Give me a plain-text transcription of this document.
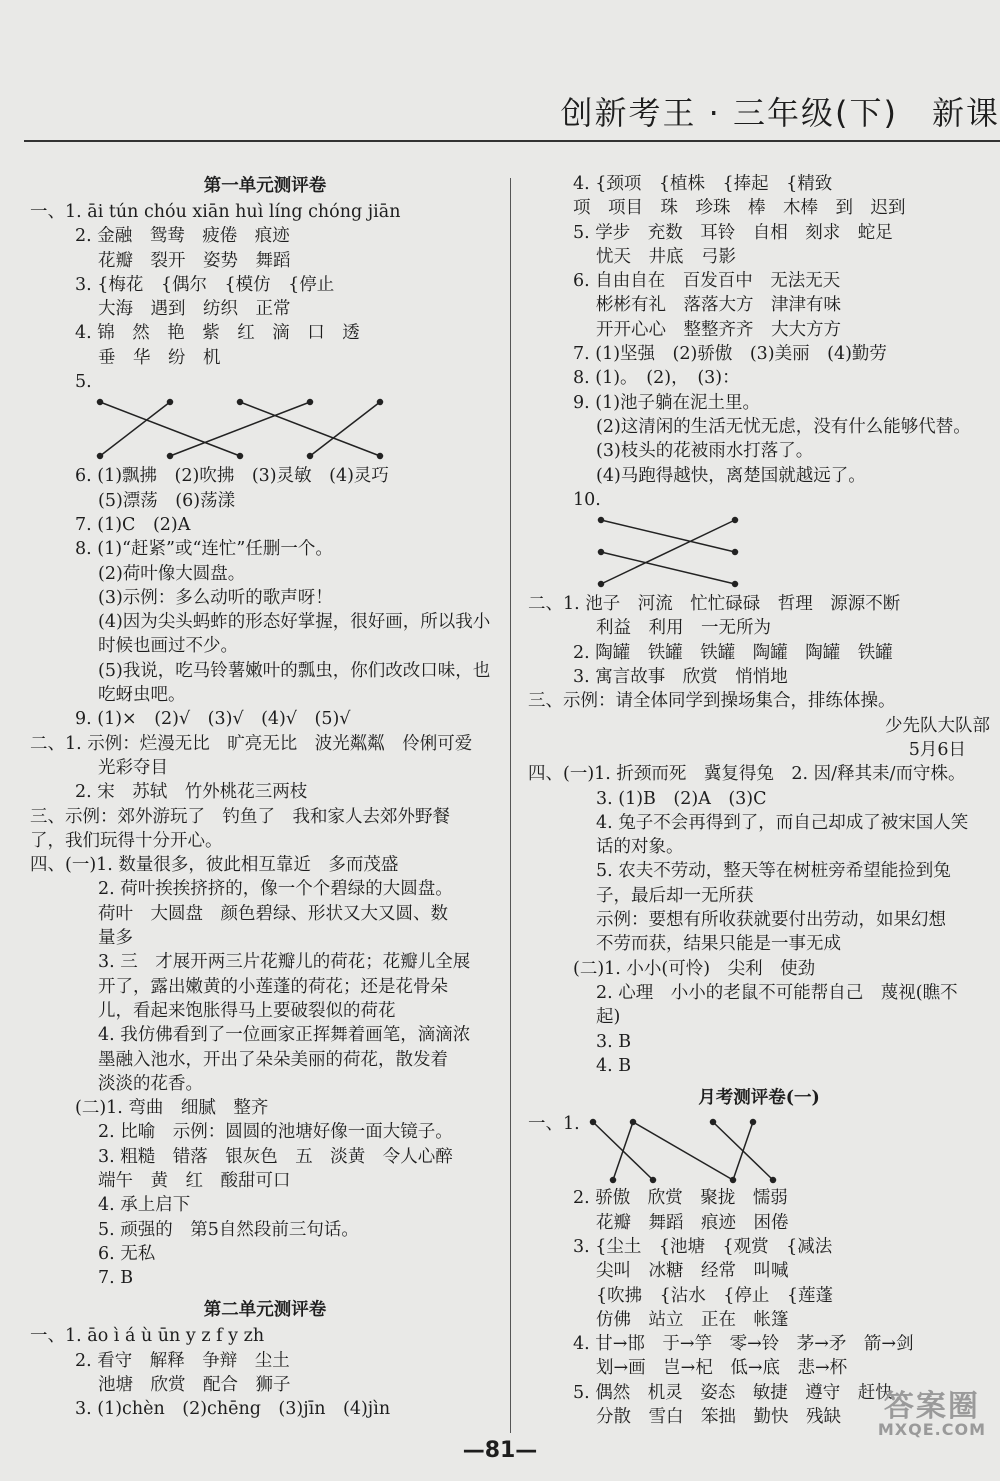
创新考王 · 三年级(下)　新课
第一单元测评卷
一、1. āi tún chóu xiān huì líng chóng jiān
2. 金融　鸳鸯　疲倦　痕迹
花瓣　裂开　姿势　舞蹈
3. {梅花　{偶尔　{模仿　{停止
大海　遇到　纺织　正常
4. 锦　然　艳　紫　红　滴　口　透
垂　华　纷　机
5.
6. (1)飘拂　(2)吹拂　(3)灵敏　(4)灵巧
(5)漂荡　(6)荡漾
7. (1)C　(2)A
8. (1)“赶紧”或“连忙”任删一个。
(2)荷叶像大圆盘。
(3)示例：多么动听的歌声呀！
(4)因为尖头蚂蚱的形态好掌握，很好画，所以我小
时候也画过不少。
(5)我说，吃马铃薯嫩叶的瓢虫，你们改改口味，也
吃蚜虫吧。
9. (1)×　(2)√　(3)√　(4)√　(5)√
二、1. 示例：烂漫无比　旷亮无比　波光粼粼　伶俐可爱
光彩夺目
2. 宋　苏轼　竹外桃花三两枝
三、示例：郊外游玩了　钓鱼了　我和家人去郊外野餐
了，我们玩得十分开心。
四、(一)1. 数量很多，彼此相互靠近　多而茂盛
2. 荷叶挨挨挤挤的，像一个个碧绿的大圆盘。
荷叶　大圆盘　颜色碧绿、形状又大又圆、数
量多
3. 三　才展开两三片花瓣儿的荷花；花瓣儿全展
开了，露出嫩黄的小莲蓬的荷花；还是花骨朵
儿，看起来饱胀得马上要破裂似的荷花
4. 我仿佛看到了一位画家正挥舞着画笔，滴滴浓
墨融入池水，开出了朵朵美丽的荷花，散发着
淡淡的花香。
(二)1. 弯曲　细腻　整齐
2. 比喻　示例：圆圆的池塘好像一面大镜子。
3. 粗糙　错落　银灰色　五　淡黄　令人心醉
端午　黄　红　酸甜可口
4. 承上启下
5. 顽强的　第5自然段前三句话。
6. 无私
7. B
第二单元测评卷
一、1. āo ì á ù ūn y z f y zh
2. 看守　解释　争辩　尘土
池塘　欣赏　配合　狮子
3. (1)chèn　(2)chēng　(3)jīn　(4)jìn
4. {颈项　{植株　{捧起　{精致
项　项目　珠　珍珠　棒　木棒　到　迟到
5. 学步　充数　耳铃　自相　刻求　蛇足
忧天　井底　弓影
6. 自由自在　百发百中　无法无天
彬彬有礼　落落大方　津津有味
开开心心　整整齐齐　大大方方
7. (1)坚强　(2)骄傲　(3)美丽　(4)勤劳
8. (1)。　(2)，　(3)：
9. (1)池子躺在泥土里。
(2)这清闲的生活无忧无虑，没有什么能够代替。
(3)枝头的花被雨水打落了。
(4)马跑得越快，离楚国就越远了。
10.
二、1. 池子　河流　忙忙碌碌　哲理　源源不断
利益　利用　一无所为
2. 陶罐　铁罐　铁罐　陶罐　陶罐　铁罐
3. 寓言故事　欣赏　悄悄地
三、示例：请全体同学到操场集合，排练体操。
少先队大队部
5月6日
四、(一)1. 折颈而死　冀复得兔　2. 因/释其耒/而守株。
3. (1)B　(2)A　(3)C
4. 兔子不会再得到了，而自己却成了被宋国人笑
话的对象。
5. 农夫不劳动，整天等在树桩旁希望能捡到兔
子，最后却一无所获
示例：要想有所收获就要付出劳动，如果幻想
不劳而获，结果只能是一事无成
(二)1. 小小(可怜)　尖利　使劲
2. 心理　小小的老鼠不可能帮自己　蔑视(瞧不
起)
3. B
4. B
月考测评卷(一)
一、1.
2. 骄傲　欣赏　聚拢　懦弱
花瓣　舞蹈　痕迹　困倦
3. {尘土　{池塘　{观赏　{减法
尖叫　冰糖　经常　叫喊
{吹拂　{沾水　{停止　{莲蓬
仿佛　站立　正在　帐篷
4. 甘→邯　于→竽　零→铃　茅→矛　箭→剑
划→画　岂→杞　低→底　悲→杯
5. 偶然　机灵　姿态　敏捷　遵守　赶快
分散　雪白　笨拙　勤快　残缺
—81—
答案圈
MXQE.COM
